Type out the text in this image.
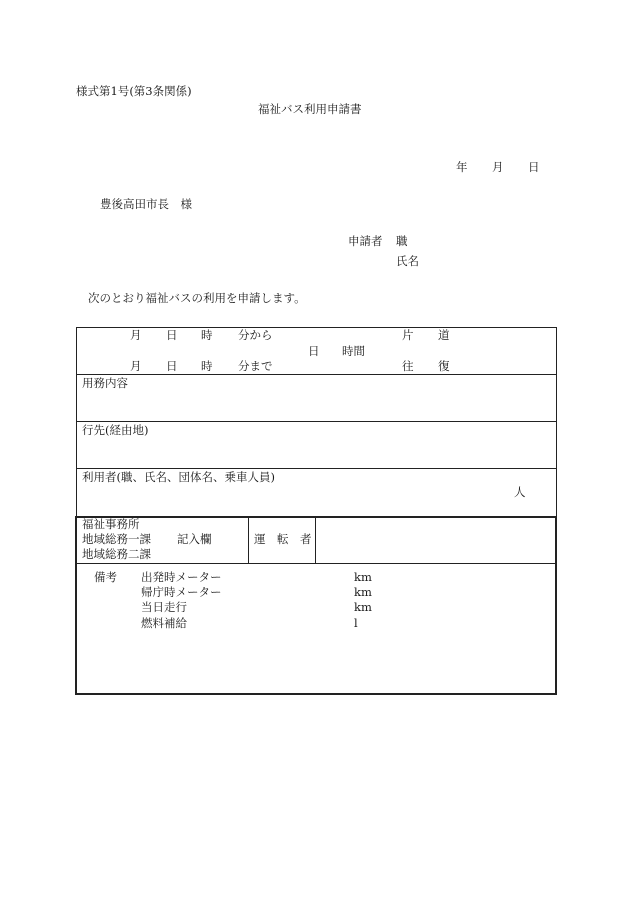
様式第1号(第3条関係)
福祉バス利用申請書
年 月 日
豊後高田市長　様
申請者 職
氏名
次のとおり福祉バスの利用を申請します。
月 日 時 分から	片 道
日 時間
月 日 時 分まで	往 復
用務内容
行先(経由地)
利用者(職、氏名、団体名、乗車人員)
人
福祉事務所
地域総務一課 記入欄
地域総務二課
運　転　者
備考 出発時メーター	km
帰庁時メーター	km
当日走行	km
燃料補給	l
